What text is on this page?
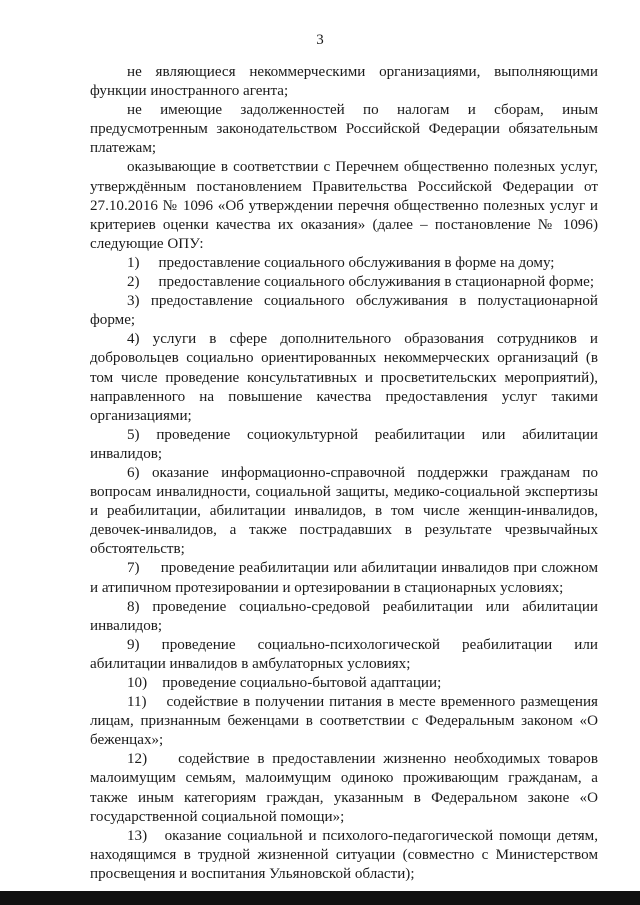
3

не являющиеся некоммерческими организациями, выполняющими функции иностранного агента;

не имеющие задолженностей по налогам и сборам, иным предусмотренным законодательством Российской Федерации обязательным платежам;

оказывающие в соответствии с Перечнем общественно полезных услуг, утверждённым постановлением Правительства Российской Федерации от 27.10.2016 № 1096 «Об утверждении перечня общественно полезных услуг и критериев оценки качества их оказания» (далее – постановление № 1096) следующие ОПУ:

1)     предоставление социального обслуживания в форме на дому;

2)     предоставление социального обслуживания в стационарной форме;

3) предоставление социального обслуживания в полустационарной форме;

4) услуги в сфере дополнительного образования сотрудников и добровольцев социально ориентированных некоммерческих организаций (в том числе проведение консультативных и просветительских мероприятий), направленного на повышение качества предоставления услуг такими организациями;

5) проведение социокультурной реабилитации или абилитации инвалидов;

6) оказание информационно-справочной поддержки гражданам по вопросам инвалидности, социальной защиты, медико-социальной экспертизы и реабилитации, абилитации инвалидов, в том числе женщин-инвалидов, девочек-инвалидов, а также пострадавших в результате чрезвычайных обстоятельств;

7)     проведение реабилитации или абилитации инвалидов при сложном и атипичном протезировании и ортезировании в стационарных условиях;

8) проведение социально-средовой реабилитации или абилитации инвалидов;

9) проведение социально-психологической реабилитации или абилитации инвалидов в амбулаторных условиях;

10)    проведение социально-бытовой адаптации;

11)    содействие в получении питания в месте временного размещения лицам, признанным беженцами в соответствии с Федеральным законом «О беженцах»;

12)    содействие в предоставлении жизненно необходимых товаров малоимущим семьям, малоимущим одиноко проживающим гражданам, а также иным категориям граждан, указанным в Федеральном законе «О государственной социальной помощи»;

13)   оказание социальной и психолого-педагогической помощи детям, находящимся в трудной жизненной ситуации (совместно с Министерством просвещения и воспитания Ульяновской области);
